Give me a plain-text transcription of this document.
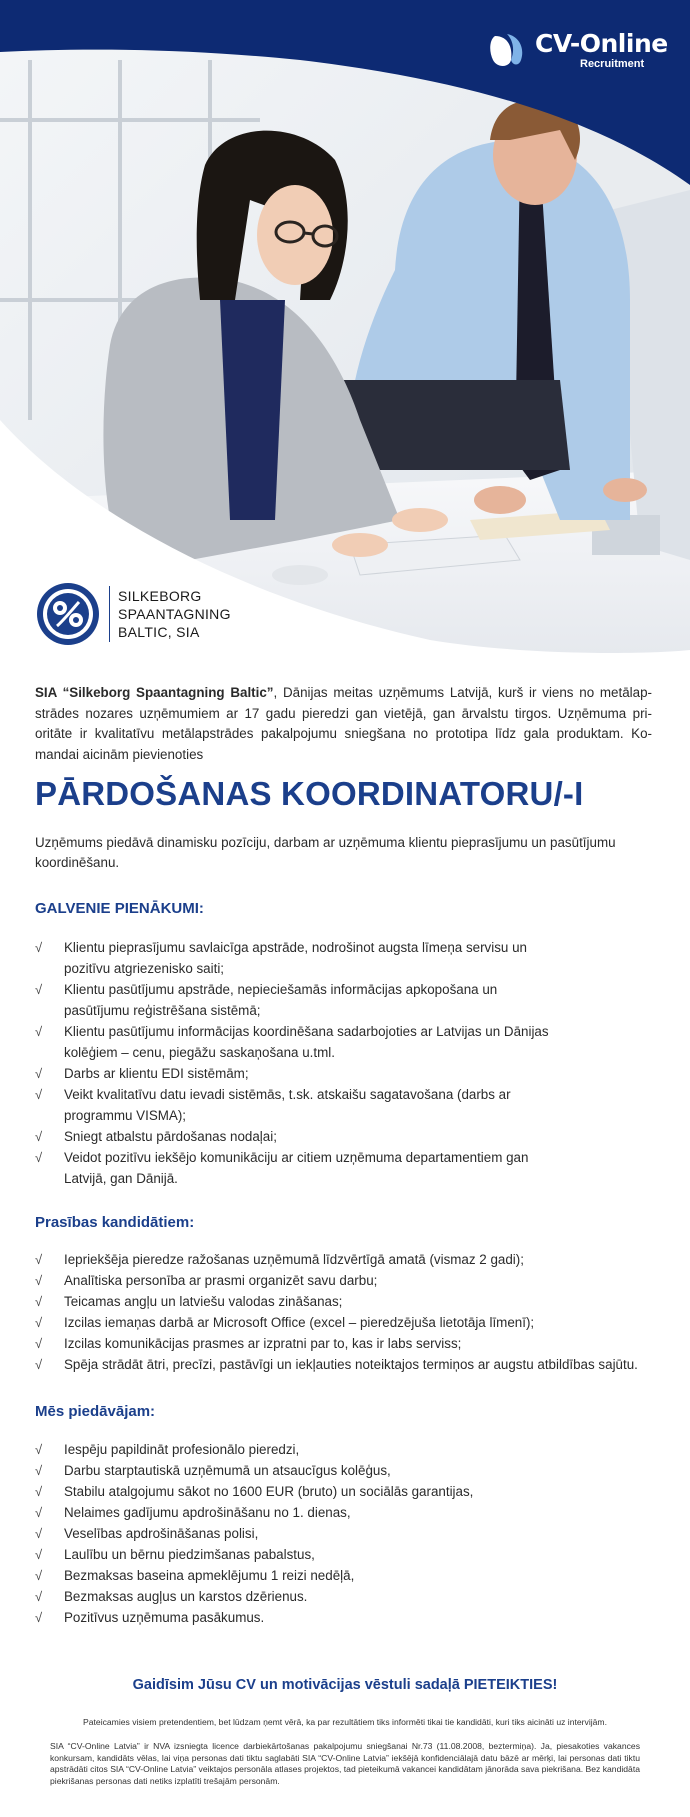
CV-Online
Recruitment
SILKEBORG
SPAANTAGNING
BALTIC, SIA
SIA “Silkeborg Spaantagning Baltic”, Dānijas meitas uzņēmums Latvijā, kurš ir viens no metālap-strādes nozares uzņēmumiem ar 17 gadu pieredzi gan vietējā, gan ārvalstu tirgos. Uzņēmuma pri-oritāte ir kvalitatīvu metālapstrādes pakalpojumu sniegšana no prototipa līdz gala produktam. Ko-mandai aicinām pievienoties
PĀRDOŠANAS KOORDINATORU/-I
Uzņēmums piedāvā dinamisku pozīciju, darbam ar uzņēmuma klientu pieprasījumu un pasūtījumu koordinēšanu.
GALVENIE PIENĀKUMI:
√ Klientu pieprasījumu savlaicīga apstrāde, nodrošinot augsta līmeņa servisu un pozitīvu atgriezenisko saiti;
√ Klientu pasūtījumu apstrāde, nepieciešamās informācijas apkopošana un pasūtījumu reģistrēšana sistēmā;
√ Klientu pasūtījumu informācijas koordinēšana sadarbojoties ar Latvijas un Dānijas kolēģiem – cenu, piegāžu saskaņošana u.tml.
√ Darbs ar klientu EDI sistēmām;
√ Veikt kvalitatīvu datu ievadi sistēmās, t.sk. atskaišu sagatavošana (darbs ar programmu VISMA);
√ Sniegt atbalstu pārdošanas nodaļai;
√ Veidot pozitīvu iekšējo komunikāciju ar citiem uzņēmuma departamentiem gan Latvijā, gan Dānijā.
Prasības kandidātiem:
√ Iepriekšēja pieredze ražošanas uzņēmumā līdzvērtīgā amatā (vismaz 2 gadi);
√ Analītiska personība ar prasmi organizēt savu darbu;
√ Teicamas angļu un latviešu valodas zināšanas;
√ Izcilas iemaņas darbā ar Microsoft Office (excel – pieredzējuša lietotāja līmenī);
√ Izcilas komunikācijas prasmes ar izpratni par to, kas ir labs serviss;
√ Spēja strādāt ātri, precīzi, pastāvīgi un iekļauties noteiktajos termiņos ar augstu atbildības sajūtu.
Mēs piedāvājam:
√ Iespēju papildināt profesionālo pieredzi,
√ Darbu starptautiskā uzņēmumā un atsaucīgus kolēģus,
√ Stabilu atalgojumu sākot no 1600 EUR (bruto) un sociālās garantijas,
√ Nelaimes gadījumu apdrošināšanu no 1. dienas,
√ Veselības apdrošināšanas polisi,
√ Laulību un bērnu piedzimšanas pabalstus,
√ Bezmaksas baseina apmeklējumu 1 reizi nedēļā,
√ Bezmaksas augļus un karstos dzērienus.
√ Pozitīvus uzņēmuma pasākumus.
Gaidīsim Jūsu CV un motivācijas vēstuli sadaļā PIETEIKTIES!
Pateicamies visiem pretendentiem, bet lūdzam ņemt vērā, ka par rezultātiem tiks informēti tikai tie kandidāti, kuri tiks aicināti uz intervijām.
SIA “CV-Online Latvia” ir NVA izsniegta licence darbiekārtošanas pakalpojumu sniegšanai Nr.73 (11.08.2008, beztermiņa). Ja, piesakoties vakances konkursam, kandidāts vēlas, lai viņa personas dati tiktu saglabāti SIA “CV-Online Latvia” iekšējā konfidenciālajā datu bāzē ar mērķi, lai personas dati tiktu apstrādāti citos SIA “CV-Online Latvia” veiktajos personāla atlases projektos, tad pieteikumā vakancei kandidātam jānorāda sava piekrišana. Bez kandidāta piekrišanas personas dati netiks izplatīti trešajām personām.
